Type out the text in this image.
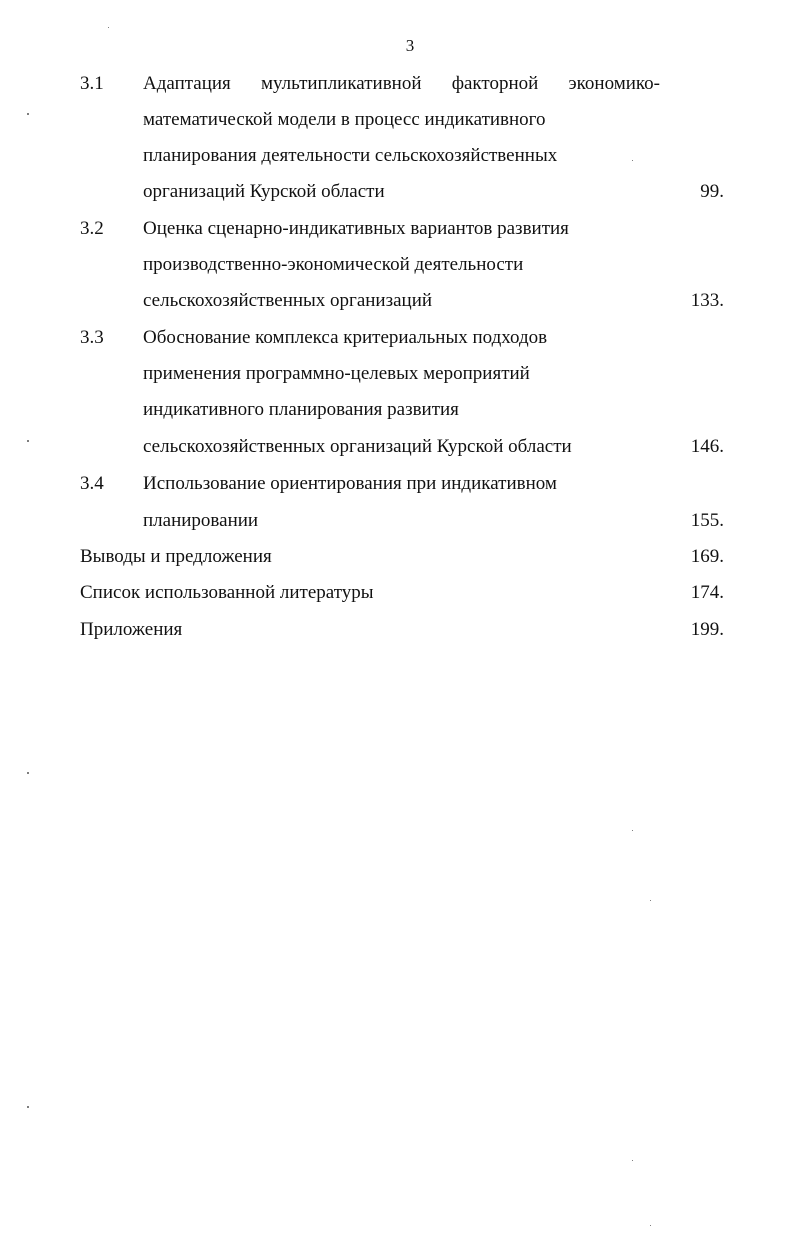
3
3.1 Адаптация мультипликативной факторной экономико-
математической модели в процесс индикативного
планирования деятельности сельскохозяйственных
организаций Курской области	99.
3.2 Оценка сценарно-индикативных вариантов развития
производственно-экономической деятельности
сельскохозяйственных организаций	133.
3.3 Обоснование комплекса критериальных подходов
применения программно-целевых мероприятий
индикативного планирования развития
сельскохозяйственных организаций Курской области	146.
3.4 Использование ориентирования при индикативном
планировании	155.
Выводы и предложения	169.
Список использованной литературы	174.
Приложения	199.
